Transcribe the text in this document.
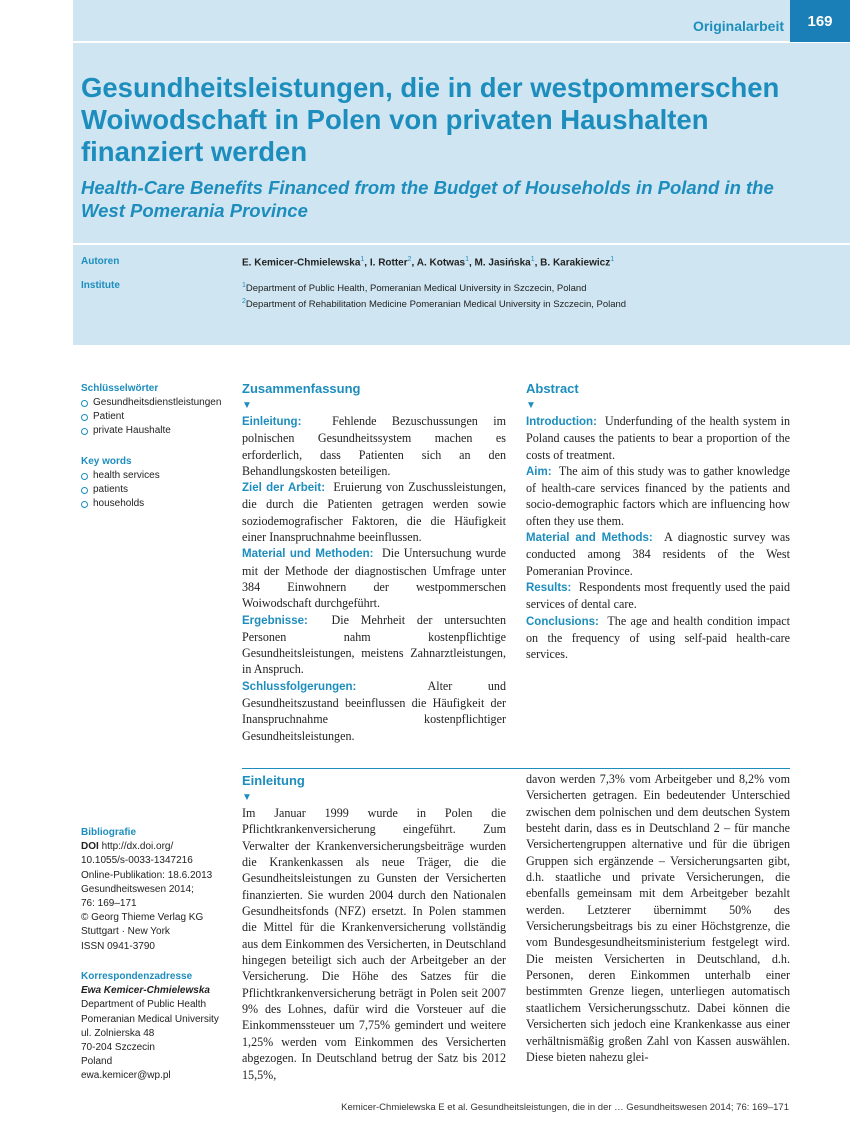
Originalarbeit	169
Gesundheitsleistungen, die in der westpommerschen Woiwodschaft in Polen von privaten Haushalten finanziert werden
Health-Care Benefits Financed from the Budget of Households in Poland in the West Pomerania Province
Autoren	E. Kemicer-Chmielewska$^1$, I. Rotter$^2$, A. Kotwas$^1$, M. Jasińska$^1$, B. Karakiewicz$^1$
Institute	$^1$Department of Public Health, Pomeranian Medical University in Szczecin, Poland
$^2$Department of Rehabilitation Medicine Pomeranian Medical University in Szczecin, Poland
Schlüsselwörter
Gesundheitsdienstleistungen
Patient
private Haushalte
Key words
health services
patients
households
Bibliografie
DOI http://dx.doi.org/
10.1055/s-0033-1347216
Online-Publikation: 18.6.2013
Gesundheitswesen 2014;
76: 169–171
© Georg Thieme Verlag KG
Stuttgart · New York
ISSN 0941-3790
Korrespondenzadresse
Ewa Kemicer-Chmielewska
Department of Public Health
Pomeranian Medical University
ul. Zolnierska 48
70-204 Szczecin
Poland
ewa.kemicer@wp.pl
Zusammenfassung
▼

Einleitung:	Fehlende Bezuschussungen im polnischen Gesundheitssystem machen es erforderlich, dass Patienten sich an den Behandlungskosten beteiligen.

Ziel der Arbeit: Eruierung von Zuschussleistungen, die durch die Patienten getragen werden sowie soziodemografischer Faktoren, die die Häufigkeit einer Inanspruchnahme beeinflussen.

Material und Methoden: Die Untersuchung wurde mit der Methode der diagnostischen Umfrage unter 384 Einwohnern der westpommerschen Woiwodschaft durchgeführt.

Ergebnisse: Die Mehrheit der untersuchten Personen nahm kostenpflichtige Gesundheitsleistungen, meistens Zahnarztleistungen, in Anspruch.

Schlussfolgerungen:	Alter und Gesundheitszustand beeinflussen die Häufigkeit der Inanspruchnahme kostenpflichtiger Gesundheitsleistungen.

Abstract
▼

Introduction: Underfunding of the health system in Poland causes the patients to bear a proportion of the costs of treatment.

Aim: The aim of this study was to gather knowledge of health-care services financed by the patients and socio-demographic factors which are influencing how often they use them.

Material and Methods: A diagnostic survey was conducted among 384 residents of the West Pomeranian Province.

Results: Respondents most frequently used the paid services of dental care.

Conclusions: The age and health condition impact on the frequency of using self-paid health-care services.

Einleitung
▼

Im Januar 1999 wurde in Polen die Pflichtkrankenversicherung eingeführt. Zum Verwalter der Krankenversicherungsbeiträge wurden die Krankenkassen als neue Träger, die die Gesundheitsleistungen zu Gunsten der Versicherten finanzierten. Sie wurden 2004 durch den Nationalen Gesundheitsfonds (NFZ) ersetzt. In Polen stammen die Mittel für die Krankenversicherung vollständig aus dem Einkommen des Versicherten, in Deutschland hingegen beteiligt sich auch der Arbeitgeber an der Versicherung. Die Höhe des Satzes für die Pflichtkrankenversicherung beträgt in Polen seit 2007 9% des Lohnes, dafür wird die Vorsteuer auf die Einkommenssteuer um 7,75% gemindert und weitere 1,25% werden vom Einkommen des Versicherten abgezogen. In Deutschland betrug der Satz bis 2012 15,5%,

davon werden 7,3% vom Arbeitgeber und 8,2% vom Versicherten getragen. Ein bedeutender Unterschied zwischen dem polnischen und dem deutschen System besteht darin, dass es in Deutschland 2 – für manche Versichertengruppen alternative und für die übrigen Gruppen sich ergänzende – Versicherungsarten gibt, d.h. staatliche und private Versicherungen, die ebenfalls gemeinsam mit dem Arbeitgeber bezahlt werden. Letzterer übernimmt 50% des Versicherungsbeitrags bis zu einer Höchstgrenze, die vom Bundesgesundheitsministerium festgelegt wird. Die meisten Versicherten in Deutschland, d.h. Personen, deren Einkommen unterhalb einer bestimmten Grenze liegen, unterliegen automatisch staatlichem Versicherungsschutz. Dabei können die Versicherten sich jedoch eine Krankenkasse aus einer verhältnismäßig großen Zahl von Kassen auswählen. Diese bieten nahezu glei-

Kemicer-Chmielewska E et al. Gesundheitsleistungen, die in der … Gesundheitswesen 2014; 76: 169–171
